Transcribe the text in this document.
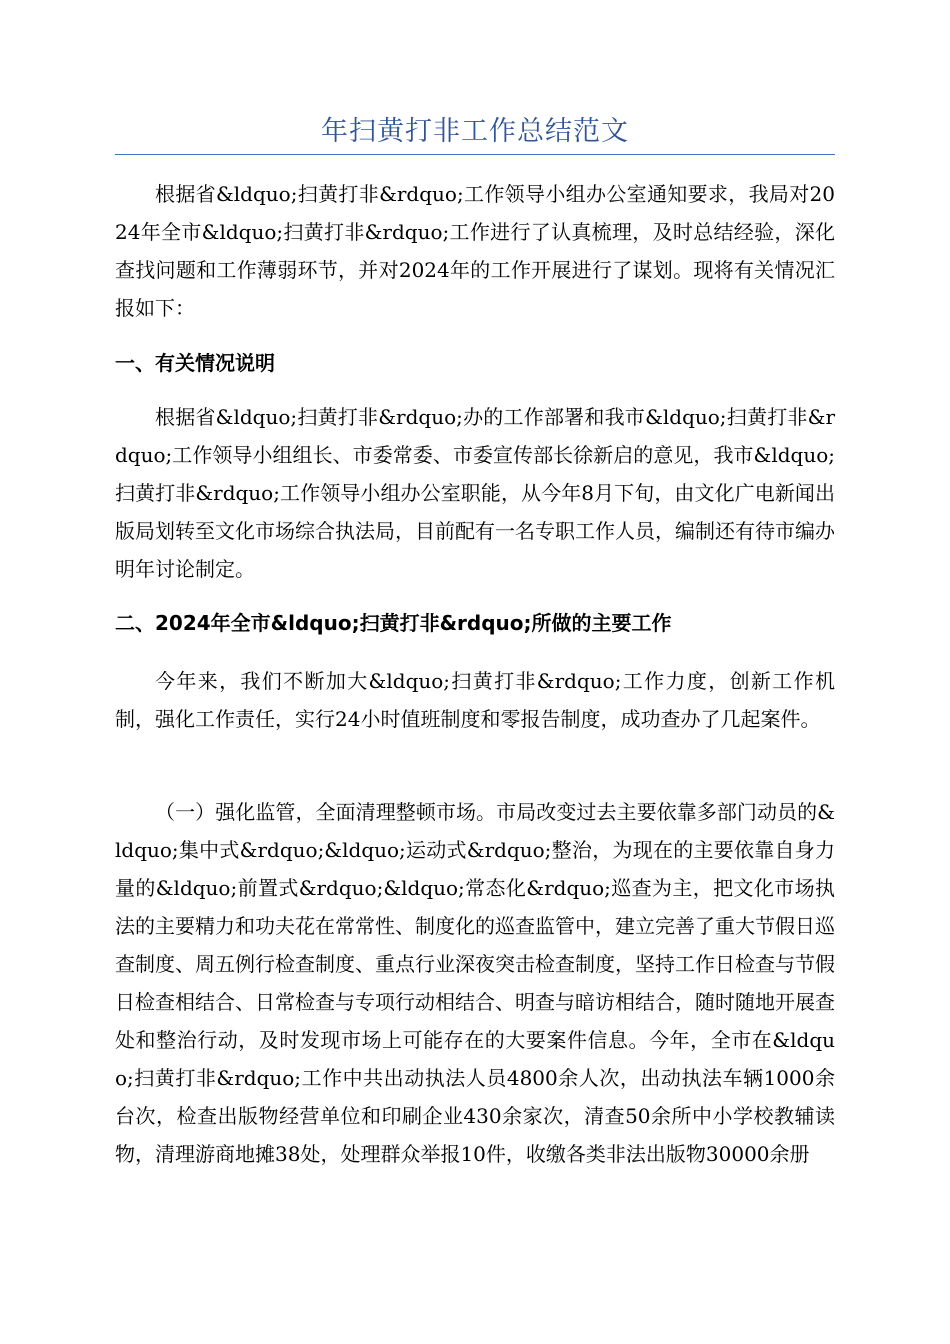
年扫黄打非工作总结范文

根据省&ldquo;扫黄打非&rdquo;工作领导小组办公室通知要求，我局对2024年全市&ldquo;扫黄打非&rdquo;工作进行了认真梳理，及时总结经验，深化查找问题和工作薄弱环节，并对2024年的工作开展进行了谋划。现将有关情况汇报如下：

一、有关情况说明

根据省&ldquo;扫黄打非&rdquo;办的工作部署和我市&ldquo;扫黄打非&rdquo;工作领导小组组长、市委常委、市委宣传部长徐新启的意见，我市&ldquo;扫黄打非&rdquo;工作领导小组办公室职能，从今年8月下旬，由文化广电新闻出版局划转至文化市场综合执法局，目前配有一名专职工作人员，编制还有待市编办明年讨论制定。

二、2024年全市&ldquo;扫黄打非&rdquo;所做的主要工作

今年来，我们不断加大&ldquo;扫黄打非&rdquo;工作力度，创新工作机制，强化工作责任，实行24小时值班制度和零报告制度，成功查办了几起案件。

（一）强化监管，全面清理整顿市场。市局改变过去主要依靠多部门动员的&ldquo;集中式&rdquo;&ldquo;运动式&rdquo;整治，为现在的主要依靠自身力量的&ldquo;前置式&rdquo;&ldquo;常态化&rdquo;巡查为主，把文化市场执法的主要精力和功夫花在常常性、制度化的巡查监管中，建立完善了重大节假日巡查制度、周五例行检查制度、重点行业深夜突击检查制度，坚持工作日检查与节假日检查相结合、日常检查与专项行动相结合、明查与暗访相结合，随时随地开展查处和整治行动，及时发现市场上可能存在的大要案件信息。今年，全市在&ldquo;扫黄打非&rdquo;工作中共出动执法人员4800余人次，出动执法车辆1000余台次，检查出版物经营单位和印刷企业430余家次，清查50余所中小学校教辅读物，清理游商地摊38处，处理群众举报10件，收缴各类非法出版物30000余册
